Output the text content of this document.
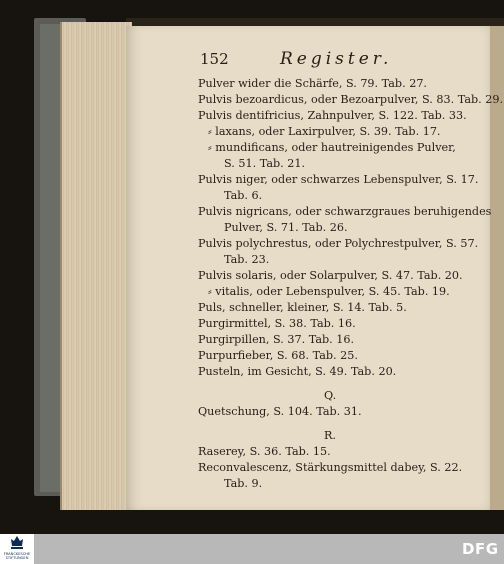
152	Register.
Pulver wider die Schärfe, S. 79. Tab. 27.
Pulvis bezoardicus, oder Bezoarpulver, S. 83. Tab. 29.
Pulvis dentifricius, Zahnpulver, S. 122. Tab. 33.
⸗ laxans, oder Laxirpulver, S. 39. Tab. 17.
⸗ mundificans, oder hautreinigendes Pulver,
S. 51. Tab. 21.
Pulvis niger, oder schwarzes Lebenspulver, S. 17.
Tab. 6.
Pulvis nigricans, oder schwarzgraues beruhigendes
Pulver, S. 71. Tab. 26.
Pulvis polychrestus, oder Polychrestpulver, S. 57.
Tab. 23.
Pulvis solaris, oder Solarpulver, S. 47. Tab. 20.
⸗ vitalis, oder Lebenspulver, S. 45. Tab. 19.
Puls, schneller, kleiner, S. 14. Tab. 5.
Purgirmittel, S. 38. Tab. 16.
Purgirpillen, S. 37. Tab. 16.
Purpurfieber, S. 68. Tab. 25.
Pusteln, im Gesicht, S. 49. Tab. 20.
Q.
Quetschung, S. 104. Tab. 31.
R.
Raserey, S. 36. Tab. 15.
Reconvalescenz, Stärkungsmittel dabey, S. 22.
Tab. 9.
FRANCKESCHE STIFTUNGEN	DFG
